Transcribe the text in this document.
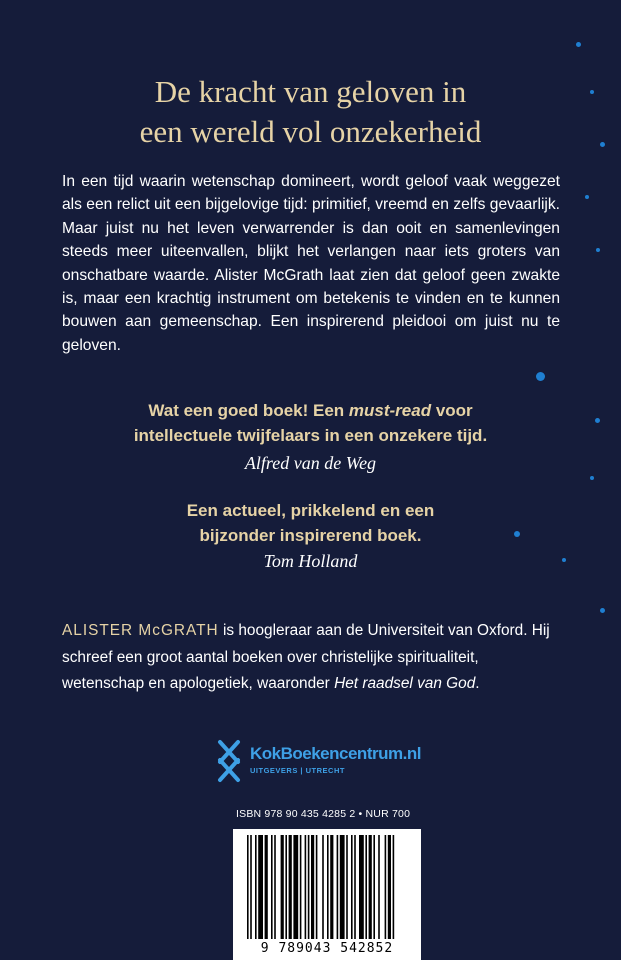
De kracht van geloven in
een wereld vol onzekerheid
In een tijd waarin wetenschap domineert, wordt geloof vaak weggezet als een relict uit een bijgelovige tijd: primitief, vreemd en zelfs gevaarlijk. Maar juist nu het leven verwarrender is dan ooit en samenlevingen steeds meer uiteenvallen, blijkt het verlangen naar iets groters van onschatbare waarde. Alister McGrath laat zien dat geloof geen zwakte is, maar een krachtig instrument om betekenis te vinden en te kunnen bouwen aan gemeenschap. Een inspirerend pleidooi om juist nu te geloven.
Wat een goed boek! Een must-read voor
intellectuele twijfelaars in een onzekere tijd.
Alfred van de Weg
Een actueel, prikkelend en een
bijzonder inspirerend boek.
Tom Holland
ALISTER McGRATH is hoogleraar aan de Universiteit van Oxford. Hij schreef een groot aantal boeken over christelijke spiritualiteit, wetenschap en apologetiek, waaronder Het raadsel van God.
KokBoekencentrum.nl
UITGEVERS | UTRECHT
ISBN 978 90 435 4285 2 • NUR 700
9 789043 542852
